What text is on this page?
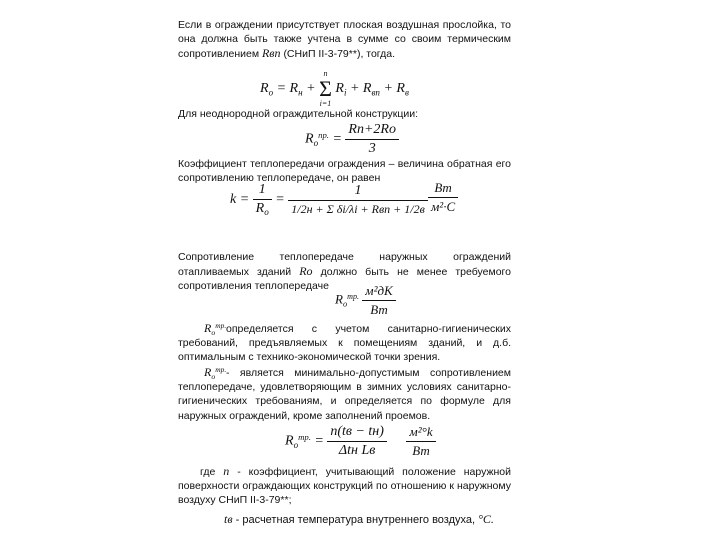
Если в ограждении присутствует плоская воздушная прослойка, то она должна быть также учтена в сумме со своим термическим сопротивлением Rвп (СНиП II-3-79**), тогда.

$R_o = R_н$ +
n
Σ
i=1
$R_i + R_{вп} + R_в$

Для неоднородной ограждительной конструкции:

$R_o^{пр.} = \frac{Rп+2Rо}{3}$

Коэффициент теплопередачи ограждения – величина обратная его сопротивлению теплопередаче, он равен

$k = \frac{1}{R_o} = \frac{1}{\text{1/2н + Σ δi/λi + Rвп + 1/2в}} \frac{Вт}{\text{м²·С}}$

Сопротивление теплопередаче наружных ограждений отапливаемых зданий Ro должно быть не менее требуемого сопротивления теплопередаче

$R_o^{тр.} \frac{\text{м²дК}}{Вт}$

$R_o^{тр.}$ определяется с учетом санитарно-гигиенических требований, предъявляемых к помещениям зданий, и д.б. оптимальным с технико-экономической точки зрения.

$R_o^{тр.}$ - является минимально-допустимым сопротивлением теплопередаче, удовлетворяющим в зимних условиях санитарно-гигиенических требованиям, и определяется по формуле для наружных ограждений, кроме заполнений проемов.

$R_o^{тр.} = \frac{n(tв - tн)}{\text{Δtн Lв}}$
$\frac{\text{м²°k}}{Вт}$

где n - коэффициент, учитывающий положение наружной поверхности ограждающих конструкций по отношению к наружному воздуху СНиП II-3-79**;

tв - расчетная температура внутреннего воздуха, °С.
